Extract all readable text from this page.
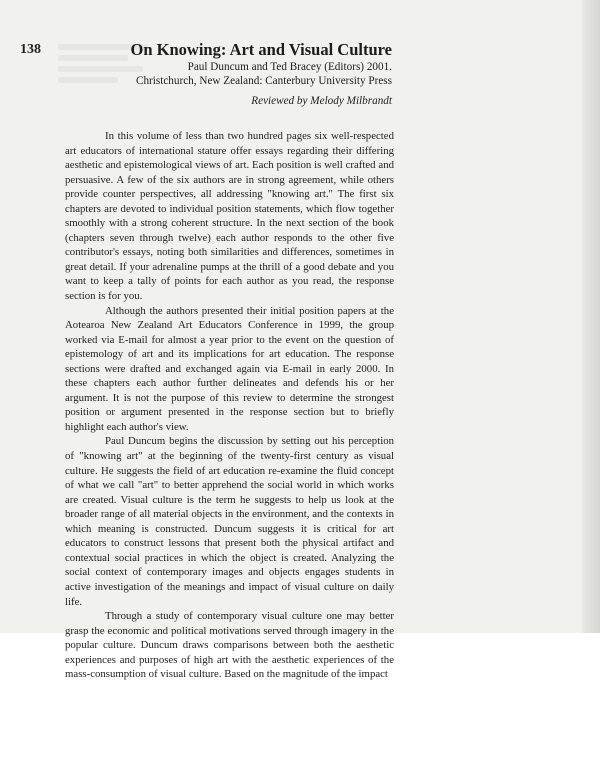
138	On Knowing: Art and Visual Culture
Paul Duncum and Ted Bracey (Editors) 2001.
Christchurch, New Zealand: Canterbury University Press
Reviewed by Melody Milbrandt

In this volume of less than two hundred pages six well-respected art educators of international stature offer essays regarding their differing aesthetic and epistemological views of art. Each position is well crafted and persuasive. A few of the six authors are in strong agreement, while others provide counter perspectives, all addressing "knowing art." The first six chapters are devoted to individual position statements, which flow together smoothly with a strong coherent structure. In the next section of the book (chapters seven through twelve) each author responds to the other five contributor's essays, noting both similarities and differences, sometimes in great detail. If your adrenaline pumps at the thrill of a good debate and you want to keep a tally of points for each author as you read, the response section is for you.

Although the authors presented their initial position papers at the Aotearoa New Zealand Art Educators Conference in 1999, the group worked via E-mail for almost a year prior to the event on the question of epistemology of art and its implications for art education. The response sections were drafted and exchanged again via E-mail in early 2000. In these chapters each author further delineates and defends his or her argument. It is not the purpose of this review to determine the strongest position or argument presented in the response section but to briefly highlight each author's view.

Paul Duncum begins the discussion by setting out his perception of "knowing art" at the beginning of the twenty-first century as visual culture. He suggests the field of art education re-examine the fluid concept of what we call "art" to better apprehend the social world in which works are created. Visual culture is the term he suggests to help us look at the broader range of all material objects in the environment, and the contexts in which meaning is constructed. Duncum suggests it is critical for art educators to construct lessons that present both the physical artifact and contextual social practices in which the object is created. Analyzing the social context of contemporary images and objects engages students in active investigation of the meanings and impact of visual culture on daily life.

Through a study of contemporary visual culture one may better grasp the economic and political motivations served through imagery in the popular culture. Duncum draws comparisons between both the aesthetic experiences and purposes of high art with the aesthetic experiences of the mass-consumption of visual culture. Based on the magnitude of the impact
